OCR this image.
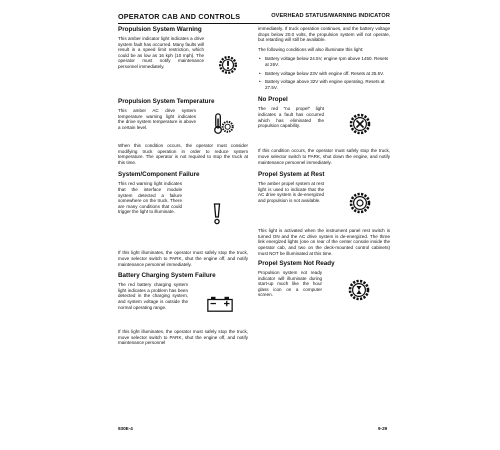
OPERATOR CAB AND CONTROLS	OVERHEAD STATUS/WARNING INDICATOR
Propulsion System Warning
This amber indicator light indicates a drive system fault has occurred. Many faults will result in a speed limit restriction, which could be as low as 16 kph (10 mph). The operator must notify maintenance personnel immediately.
Propulsion System Temperature
This amber AC drive system temperature warning light indicates the drive system temperature is above a certain level.

When this condition occurs, the operator must consider modifying truck operation in order to reduce system temperature. The operator is not required to stop the truck at this time.

System/Component Failure
This red warning light indicates that the interface module system detected a failure somewhere on the truck. There are many conditions that could trigger the light to illuminate.

If this light illuminates, the operator must safely stop the truck, move selector switch to PARK, shut the engine off, and notify maintenance personnel immediately.

Battery Charging System Failure
The red battery charging system light indicates a problem has been detected in the charging system, and system voltage is outside the normal operating range.

If this light illuminates, the operator must safely stop the truck, move selector switch to PARK, shut the engine off, and notify maintenance personnel

immediately. If truck operation continues, and the battery voltage drops below 20.0 volts, the propulsion system will not operate, but retarding will still be available.

The following conditions will also illuminate this light:

• Battery voltage below 24.5V, engine rpm above 1450. Resets at 26V.
• Battery voltage below 23V with engine off. Resets at 25.5V.
• Battery voltage above 32V with engine operating. Resets at 27.5V.
No Propel
The red "no propel" light indicates a fault has occurred which has eliminated the propulsion capability.

If this condition occurs, the operator must safely stop the truck, move selector switch to PARK, shut down the engine, and notify maintenance personnel immediately.

Propel System at Rest
The amber propel system at rest light is used to indicate that the AC drive system is de-energized and propulsion is not available.

This light is activated when the instrument panel rest switch is turned ON and the AC drive system is de-energized. The three link energized lights (one on rear of the center console inside the operator cab, and two on the deck-mounted control cabinets) must NOT be illuminated at this time.

Propel System Not Ready
Propulsion system not ready indicator will illuminate during start-up much like the hour glass icon on a computer screen.
930E-4	9-29
